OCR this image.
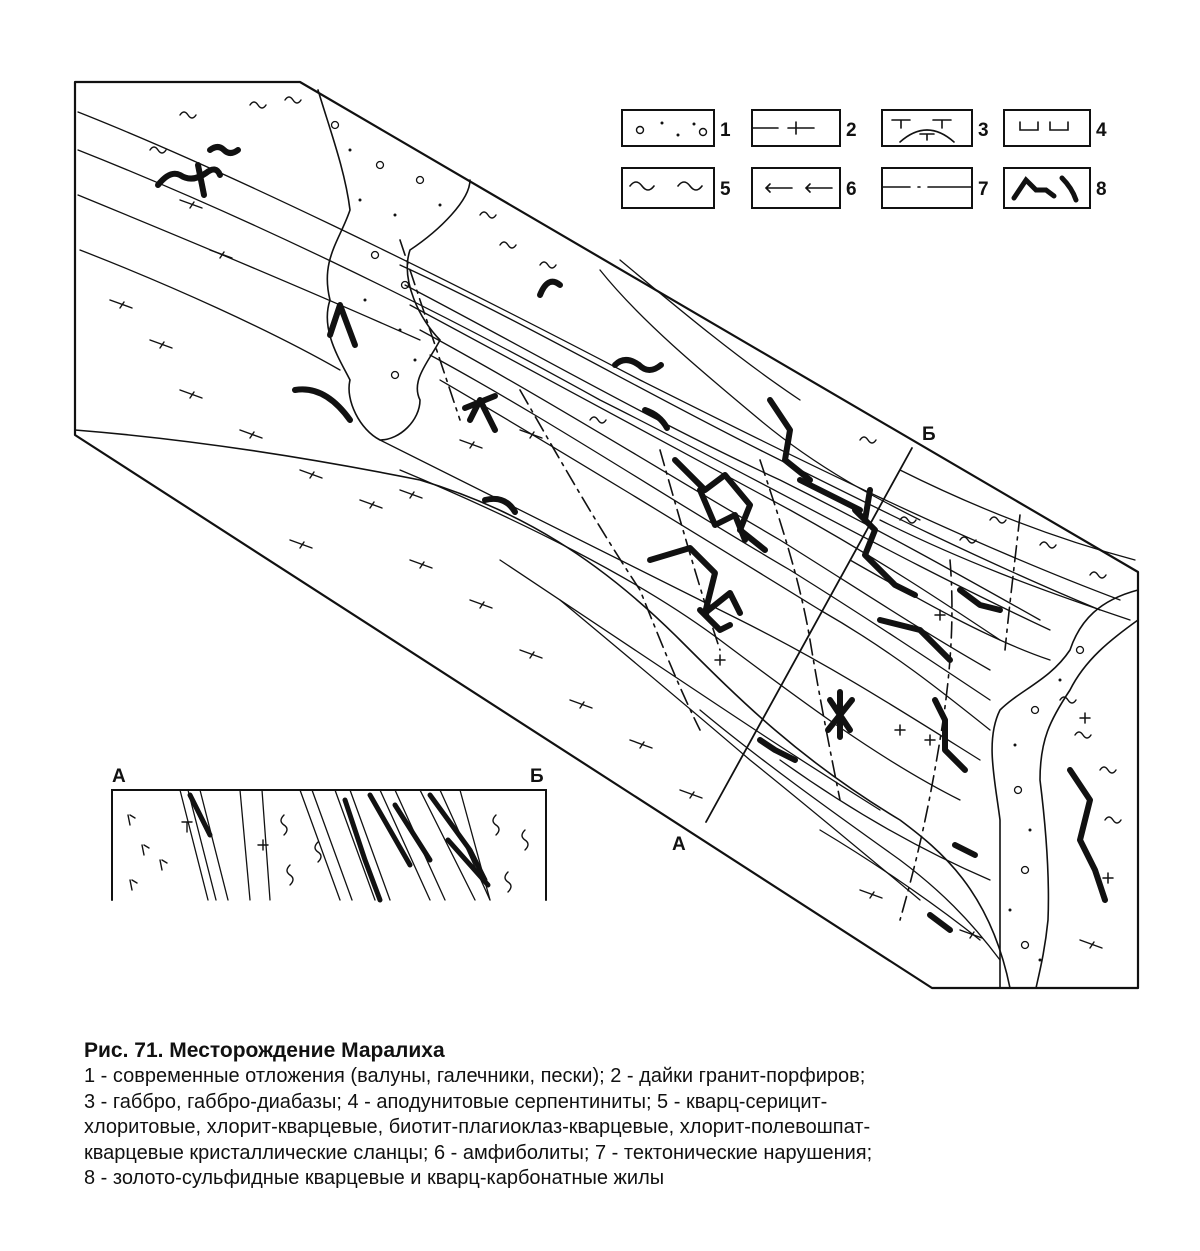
Б
А
1	2	3	4
5	6	7	8
А	Б
Рис. 71. Месторождение Маралиха
1 - современные отложения (валуны, галечники, пески); 2 - дайки гранит-порфиров;
3 - габбро, габбро-диабазы; 4 - аподунитовые серпентиниты; 5 - кварц-серицит-
хлоритовые, хлорит-кварцевые, биотит-плагиоклаз-кварцевые, хлорит-полевошпат-
кварцевые кристаллические сланцы; 6 - амфиболиты; 7 - тектонические нарушения;
8 - золото-сульфидные кварцевые и кварц-карбонатные жилы
